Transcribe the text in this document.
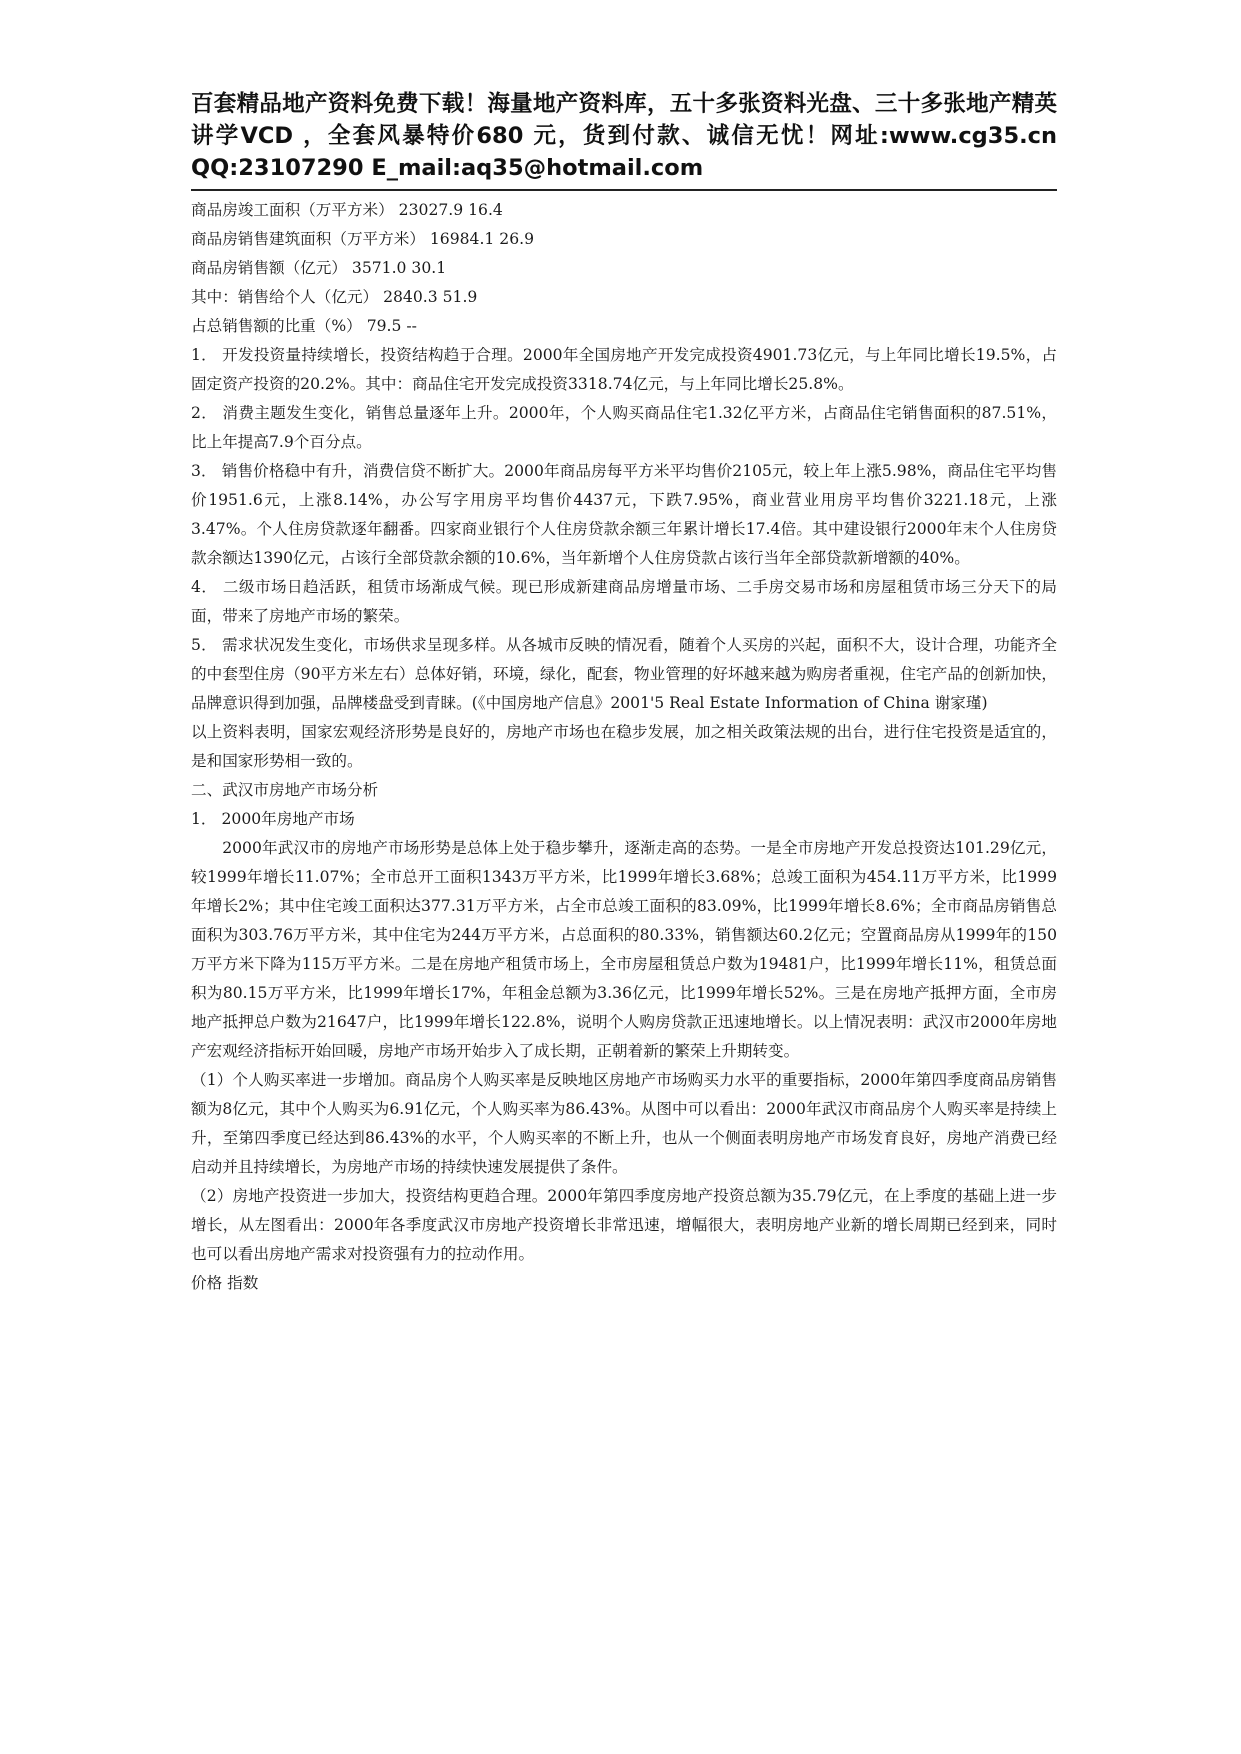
百套精品地产资料免费下载！海量地产资料库，五十多张资料光盘、三十多张地产精英讲学VCD ，全套风暴特价680 元，货到付款、诚信无忧！网址:www.cg35.cn QQ:23107290 E_mail:aq35@hotmail.com

商品房竣工面积（万平方米） 23027.9 16.4

商品房销售建筑面积（万平方米） 16984.1 26.9

商品房销售额（亿元） 3571.0 30.1

其中：销售给个人（亿元） 2840.3 51.9

占总销售额的比重（%） 79.5 --

1． 开发投资量持续增长，投资结构趋于合理。2000年全国房地产开发完成投资4901.73亿元，与上年同比增长19.5%，占固定资产投资的20.2%。其中：商品住宅开发完成投资3318.74亿元，与上年同比增长25.8%。

2． 消费主题发生变化，销售总量逐年上升。2000年，个人购买商品住宅1.32亿平方米，占商品住宅销售面积的87.51%，比上年提高7.9个百分点。

3． 销售价格稳中有升，消费信贷不断扩大。2000年商品房每平方米平均售价2105元，较上年上涨5.98%，商品住宅平均售价1951.6元，上涨8.14%，办公写字用房平均售价4437元，下跌7.95%，商业营业用房平均售价3221.18元，上涨3.47%。个人住房贷款逐年翻番。四家商业银行个人住房贷款余额三年累计增长17.4倍。其中建设银行2000年末个人住房贷款余额达1390亿元，占该行全部贷款余额的10.6%，当年新增个人住房贷款占该行当年全部贷款新增额的40%。

4． 二级市场日趋活跃，租赁市场渐成气候。现已形成新建商品房增量市场、二手房交易市场和房屋租赁市场三分天下的局面，带来了房地产市场的繁荣。

5． 需求状况发生变化，市场供求呈现多样。从各城市反映的情况看，随着个人买房的兴起，面积不大，设计合理，功能齐全的中套型住房（90平方米左右）总体好销，环境，绿化，配套，物业管理的好坏越来越为购房者重视，住宅产品的创新加快，品牌意识得到加强，品牌楼盘受到青睐。(《中国房地产信息》2001'5 Real Estate Information of China 谢家瑾)

以上资料表明，国家宏观经济形势是良好的，房地产市场也在稳步发展，加之相关政策法规的出台，进行住宅投资是适宜的，是和国家形势相一致的。

二、武汉市房地产市场分析

1． 2000年房地产市场

2000年武汉市的房地产市场形势是总体上处于稳步攀升，逐渐走高的态势。一是全市房地产开发总投资达101.29亿元，较1999年增长11.07%；全市总开工面积1343万平方米，比1999年增长3.68%；总竣工面积为454.11万平方米，比1999年增长2%；其中住宅竣工面积达377.31万平方米，占全市总竣工面积的83.09%，比1999年增长8.6%；全市商品房销售总面积为303.76万平方米，其中住宅为244万平方米，占总面积的80.33%，销售额达60.2亿元；空置商品房从1999年的150万平方米下降为115万平方米。二是在房地产租赁市场上，全市房屋租赁总户数为19481户，比1999年增长11%，租赁总面积为80.15万平方米，比1999年增长17%，年租金总额为3.36亿元，比1999年增长52%。三是在房地产抵押方面，全市房地产抵押总户数为21647户，比1999年增长122.8%，说明个人购房贷款正迅速地增长。以上情况表明：武汉市2000年房地产宏观经济指标开始回暖，房地产市场开始步入了成长期，正朝着新的繁荣上升期转变。

（1）个人购买率进一步增加。商品房个人购买率是反映地区房地产市场购买力水平的重要指标，2000年第四季度商品房销售额为8亿元，其中个人购买为6.91亿元，个人购买率为86.43%。从图中可以看出：2000年武汉市商品房个人购买率是持续上升，至第四季度已经达到86.43%的水平，个人购买率的不断上升，也从一个侧面表明房地产市场发育良好，房地产消费已经启动并且持续增长，为房地产市场的持续快速发展提供了条件。

（2）房地产投资进一步加大，投资结构更趋合理。2000年第四季度房地产投资总额为35.79亿元，在上季度的基础上进一步增长，从左图看出：2000年各季度武汉市房地产投资增长非常迅速，增幅很大，表明房地产业新的增长周期已经到来，同时也可以看出房地产需求对投资强有力的拉动作用。

价格 指数
